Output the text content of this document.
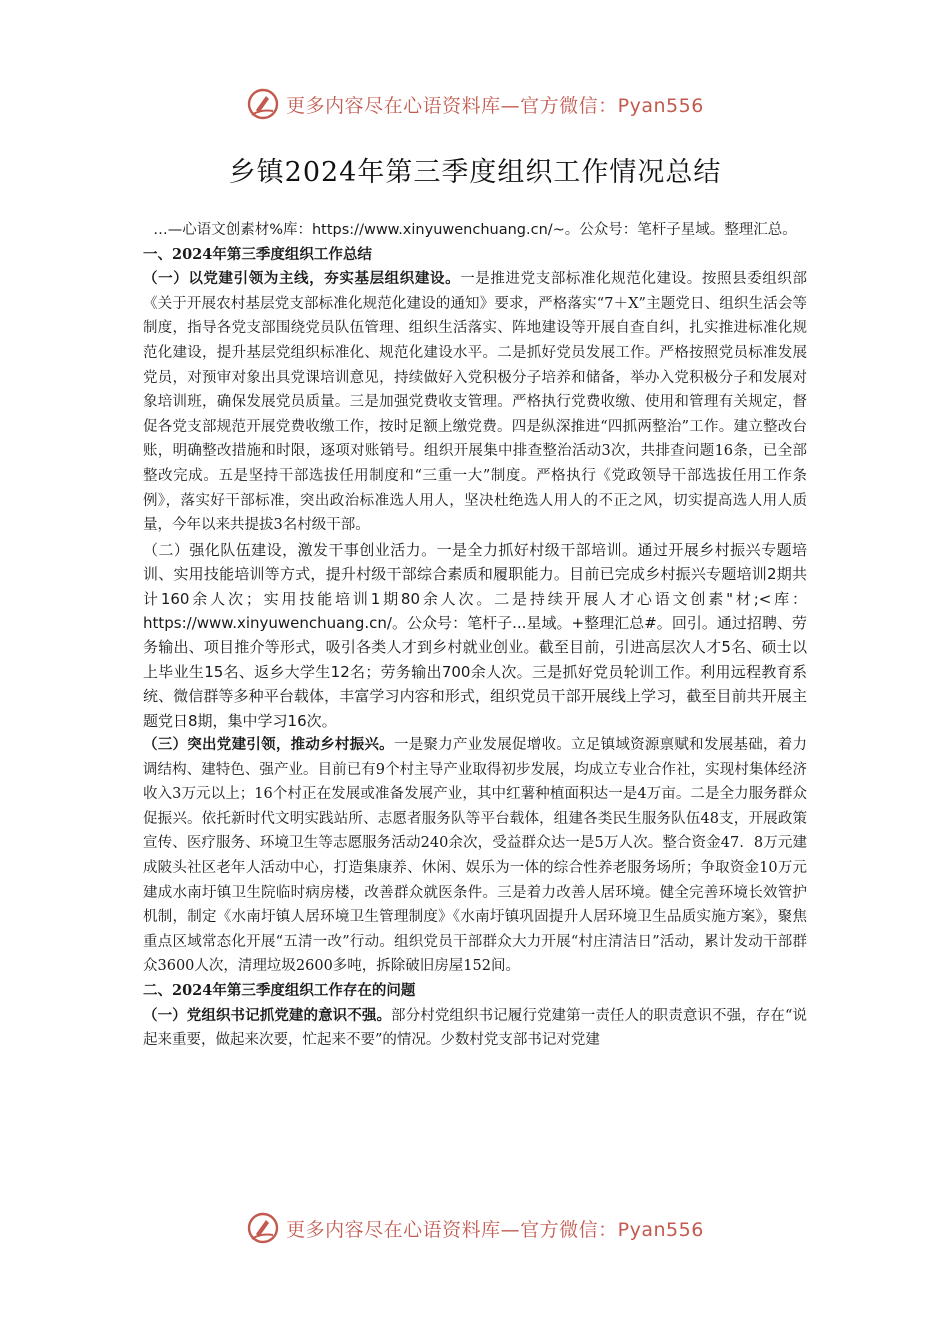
更多内容尽在心语资料库—官方微信：Pyan556
乡镇2024年第三季度组织工作情况总结

…—心语文创素材%库：https://www.xinyuwenchuang.cn/~。公众号：笔杆子星域。整理汇总。

一、2024年第三季度组织工作总结

（一）以党建引领为主线，夯实基层组织建设。一是推进党支部标准化规范化建设。按照县委组织部《关于开展农村基层党支部标准化规范化建设的通知》要求，严格落实“7＋X”主题党日、组织生活会等制度，指导各党支部围绕党员队伍管理、组织生活落实、阵地建设等开展自查自纠，扎实推进标准化规范化建设，提升基层党组织标准化、规范化建设水平。二是抓好党员发展工作。严格按照党员标准发展党员，对预审对象出具党课培训意见，持续做好入党积极分子培养和储备，举办入党积极分子和发展对象培训班，确保发展党员质量。三是加强党费收支管理。严格执行党费收缴、使用和管理有关规定，督促各党支部规范开展党费收缴工作，按时足额上缴党费。四是纵深推进“四抓两整治”工作。建立整改台账，明确整改措施和时限，逐项对账销号。组织开展集中排查整治活动3次，共排查问题16条，已全部整改完成。五是坚持干部选拔任用制度和“三重一大”制度。严格执行《党政领导干部选拔任用工作条例》，落实好干部标准，突出政治标准选人用人，坚决杜绝选人用人的不正之风，切实提高选人用人质量，今年以来共提拔3名村级干部。

（二）强化队伍建设，激发干事创业活力。一是全力抓好村级干部培训。通过开展乡村振兴专题培训、实用技能培训等方式，提升村级干部综合素质和履职能力。目前已完成乡村振兴专题培训2期共计160余人次；实用技能培训1期80余人次。二是持续开展人才心语文创素"材;<库：https://www.xinyuwenchuang.cn/。公众号：笔杆子...星域。+整理汇总#。回引。通过招聘、劳务输出、项目推介等形式，吸引各类人才到乡村就业创业。截至目前，引进高层次人才5名、硕士以上毕业生15名、返乡大学生12名；劳务输出700余人次。三是抓好党员轮训工作。利用远程教育系统、微信群等多种平台载体，丰富学习内容和形式，组织党员干部开展线上学习，截至目前共开展主题党日8期，集中学习16次。

（三）突出党建引领，推动乡村振兴。一是聚力产业发展促增收。立足镇域资源禀赋和发展基础，着力调结构、建特色、强产业。目前已有9个村主导产业取得初步发展，均成立专业合作社，实现村集体经济收入3万元以上；16个村正在发展或准备发展产业，其中红薯种植面积达一是4万亩。二是全力服务群众促振兴。依托新时代文明实践站所、志愿者服务队等平台载体，组建各类民生服务队伍48支，开展政策宣传、医疗服务、环境卫生等志愿服务活动240余次，受益群众达一是5万人次。整合资金47．8万元建成陂头社区老年人活动中心，打造集康养、休闲、娱乐为一体的综合性养老服务场所；争取资金10万元建成水南圩镇卫生院临时病房楼，改善群众就医条件。三是着力改善人居环境。健全完善环境长效管护机制，制定《水南圩镇人居环境卫生管理制度》《水南圩镇巩固提升人居环境卫生品质实施方案》，聚焦重点区域常态化开展“五清一改”行动。组织党员干部群众大力开展“村庄清洁日”活动，累计发动干部群众3600人次，清理垃圾2600多吨，拆除破旧房屋152间。

二、2024年第三季度组织工作存在的问题

（一）党组织书记抓党建的意识不强。部分村党组织书记履行党建第一责任人的职责意识不强，存在“说起来重要，做起来次要，忙起来不要”的情况。少数村党支部书记对党建

更多内容尽在心语资料库—官方微信：Pyan556
